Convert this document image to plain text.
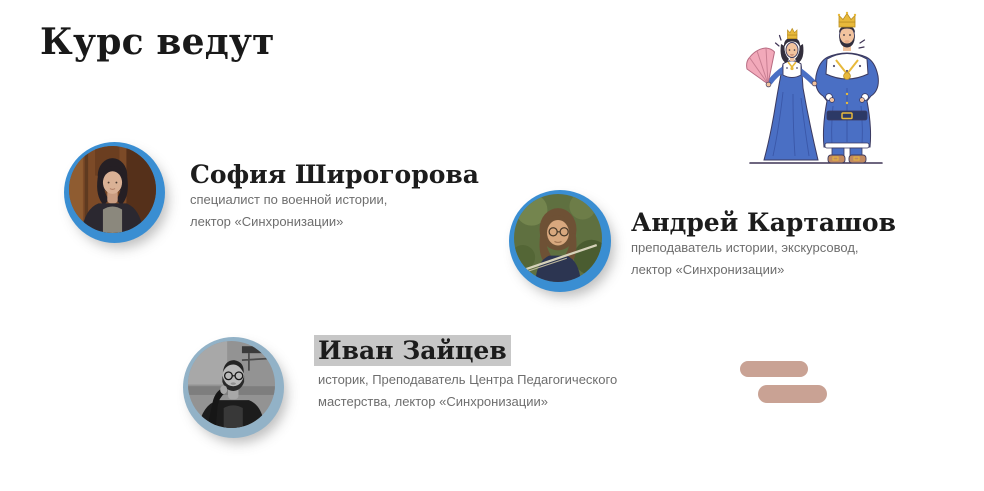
Курс ведут
София Широгорова
специалист по военной истории,
лектор «Синхронизации»	Андрей Карташов
преподаватель истории, экскурсовод,
лектор «Синхронизации»
Иван Зайцев
историк, Преподаватель Центра Педагогического
мастерства, лектор «Синхронизации»
